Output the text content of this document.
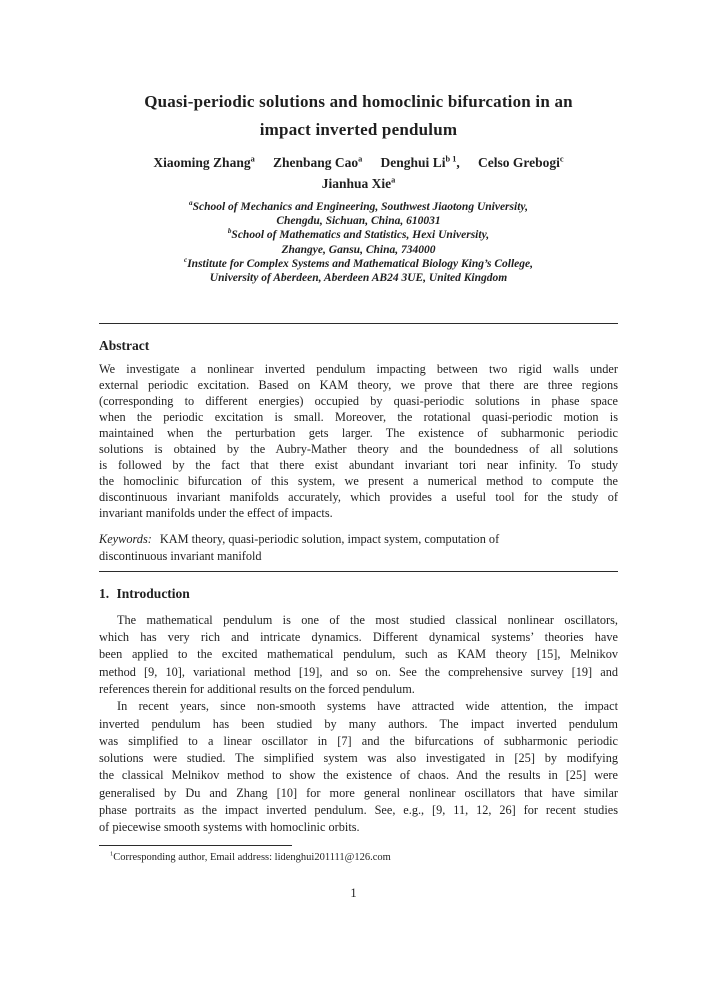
Quasi-periodic solutions and homoclinic bifurcation in an
impact inverted pendulum
Xiaoming Zhang$^a$ Zhenbang Cao$^a$ Denghui $Li^{b 1}$, Celso Grebogi$^c$
Jianhua Xie$^a$
$^a$School of Mechanics and Engineering, Southwest Jiaotong University,
Chengdu, Sichuan, China, 610031
$^b$School of Mathematics and Statistics, Hexi University,
Zhangye, Gansu, China, 734000
$^c$Institute for Complex Systems and Mathematical Biology King’s College,
University of Aberdeen, Aberdeen AB24 3UE, United Kingdom
Abstract
We investigate a nonlinear inverted pendulum impacting between two rigid walls under
external periodic excitation. Based on KAM theory, we prove that there are three regions
(corresponding to different energies) occupied by quasi-periodic solutions in phase space
when the periodic excitation is small. Moreover, the rotational quasi-periodic motion is
maintained when the perturbation gets larger. The existence of subharmonic periodic
solutions is obtained by the Aubry-Mather theory and the boundedness of all solutions
is followed by the fact that there exist abundant invariant tori near infinity. To study
the homoclinic bifurcation of this system, we present a numerical method to compute the
discontinuous invariant manifolds accurately, which provides a useful tool for the study of
invariant manifolds under the effect of impacts.
Keywords: KAM theory, quasi-periodic solution, impact system, computation of
discontinuous invariant manifold
1. Introduction
The mathematical pendulum is one of the most studied classical nonlinear oscillators,
which has very rich and intricate dynamics. Different dynamical systems’ theories have
been applied to the excited mathematical pendulum, such as KAM theory [15], Melnikov
method [9, 10], variational method [19], and so on. See the comprehensive survey [19] and
references therein for additional results on the forced pendulum.
In recent years, since non-smooth systems have attracted wide attention, the impact
inverted pendulum has been studied by many authors. The impact inverted pendulum
was simplified to a linear oscillator in [7] and the bifurcations of subharmonic periodic
solutions were studied. The simplified system was also investigated in [25] by modifying
the classical Melnikov method to show the existence of chaos. And the results in [25] were
generalised by Du and Zhang [10] for more general nonlinear oscillators that have similar
phase portraits as the impact inverted pendulum. See, e.g., [9, 11, 12, 26] for recent studies
of piecewise smooth systems with homoclinic orbits.
$^1$Corresponding author, Email address: lidenghui201111@126.com
1
